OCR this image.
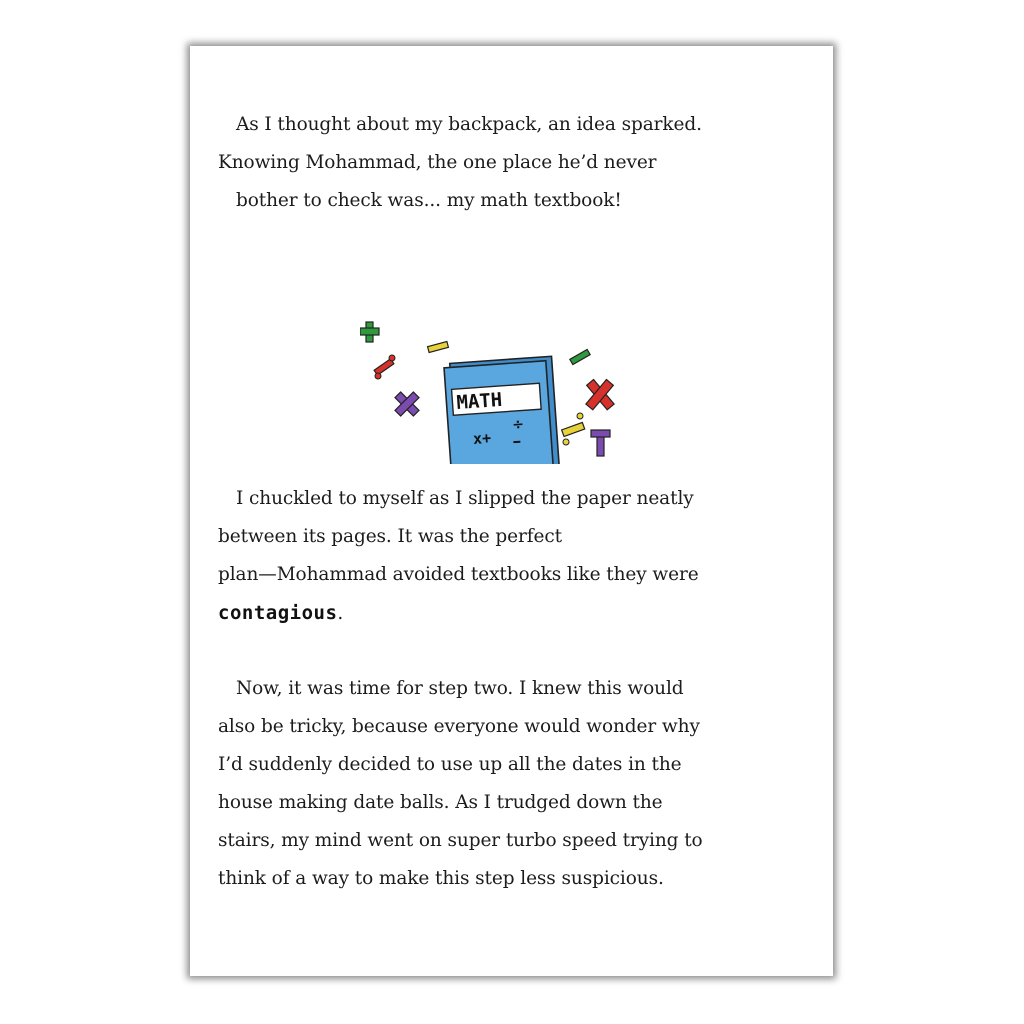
As I thought about my backpack, an idea sparked.
Knowing Mohammad, the one place he’d never
bother to check was... my math textbook!

MATH
x+
÷

I chuckled to myself as I slipped the paper neatly
between its pages. It was the perfect
plan—Mohammad avoided textbooks like they were
contagious.

Now, it was time for step two. I knew this would
also be tricky, because everyone would wonder why
I’d suddenly decided to use up all the dates in the
house making date balls. As I trudged down the
stairs, my mind went on super turbo speed trying to
think of a way to make this step less suspicious.
